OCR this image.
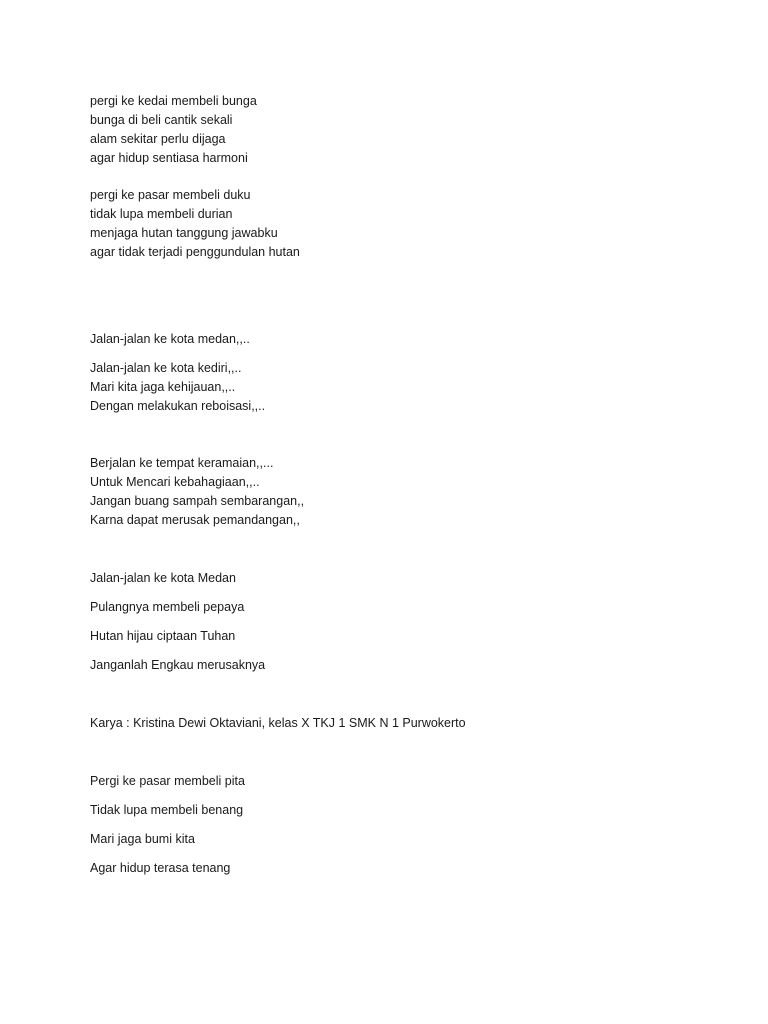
pergi ke kedai membeli bunga
bunga di beli cantik sekali
alam sekitar perlu dijaga
agar hidup sentiasa harmoni
pergi ke pasar membeli duku
tidak lupa membeli durian
menjaga hutan tanggung jawabku
agar tidak terjadi penggundulan hutan
Jalan-jalan ke kota medan,,..
Jalan-jalan ke kota kediri,,..
Mari kita jaga kehijauan,,..
Dengan melakukan reboisasi,,..
Berjalan ke tempat keramaian,,...
Untuk Mencari kebahagiaan,,..
Jangan buang sampah sembarangan,,
Karna dapat merusak pemandangan,,
Jalan-jalan ke kota Medan
Pulangnya membeli pepaya
Hutan hijau ciptaan Tuhan
Janganlah Engkau merusaknya
Karya : Kristina Dewi Oktaviani, kelas X TKJ 1 SMK N 1 Purwokerto
Pergi ke pasar membeli pita
Tidak lupa membeli benang
Mari jaga bumi kita
Agar hidup terasa tenang
